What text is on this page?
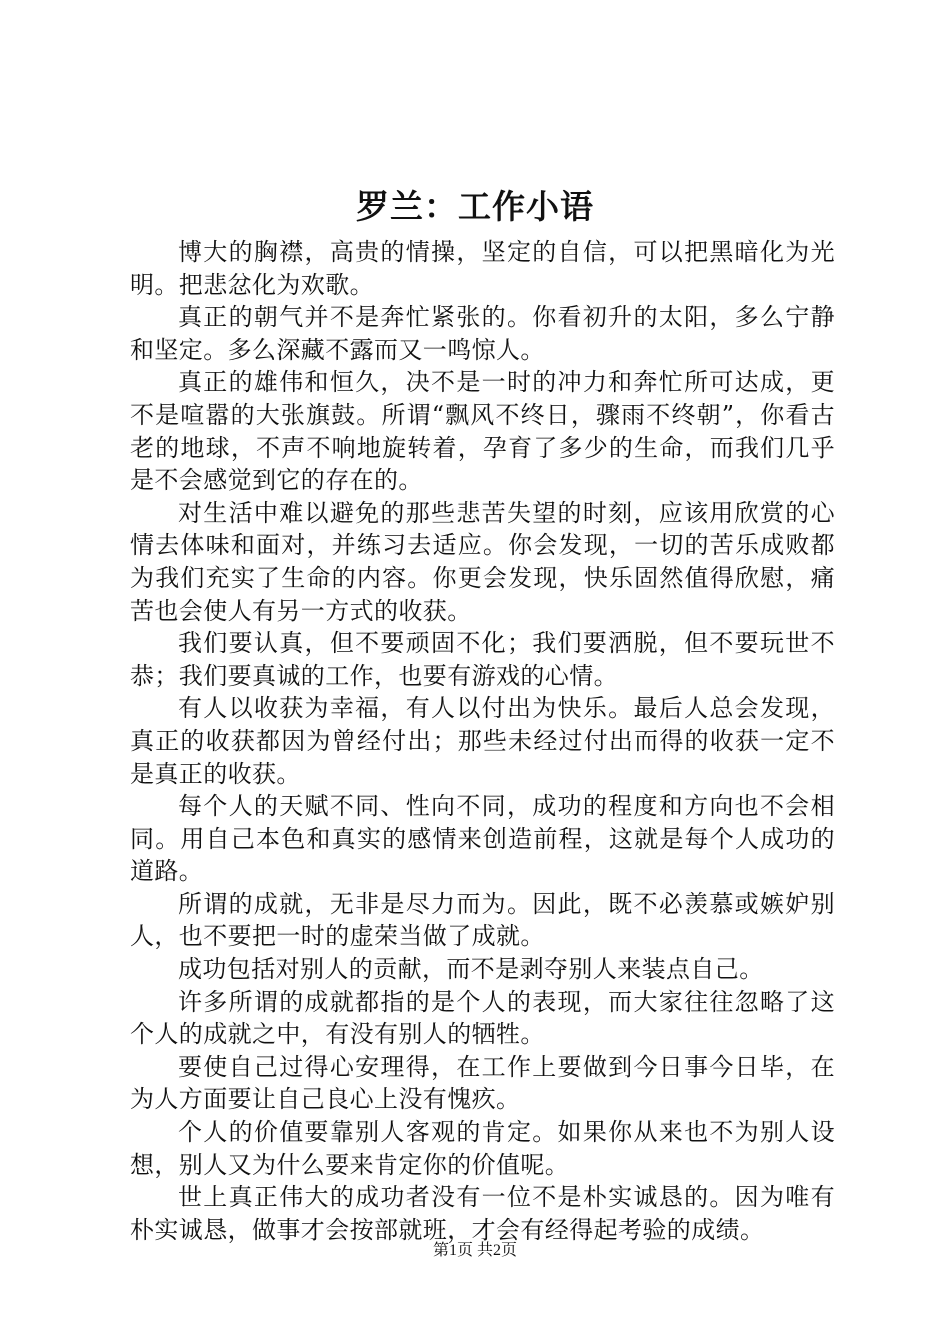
罗兰：工作小语

博大的胸襟，高贵的情操，坚定的自信，可以把黑暗化为光明。把悲忿化为欢歌。

真正的朝气并不是奔忙紧张的。你看初升的太阳，多么宁静和坚定。多么深藏不露而又一鸣惊人。

真正的雄伟和恒久，决不是一时的冲力和奔忙所可达成，更不是喧嚣的大张旗鼓。所谓“飘风不终日，骤雨不终朝”，你看古老的地球，不声不响地旋转着，孕育了多少的生命，而我们几乎是不会感觉到它的存在的。

对生活中难以避免的那些悲苦失望的时刻，应该用欣赏的心情去体味和面对，并练习去适应。你会发现，一切的苦乐成败都为我们充实了生命的内容。你更会发现，快乐固然值得欣慰，痛苦也会使人有另一方式的收获。

我们要认真，但不要顽固不化；我们要洒脱，但不要玩世不恭；我们要真诚的工作，也要有游戏的心情。

有人以收获为幸福，有人以付出为快乐。最后人总会发现，真正的收获都因为曾经付出；那些未经过付出而得的收获一定不是真正的收获。

每个人的天赋不同、性向不同，成功的程度和方向也不会相同。用自己本色和真实的感情来创造前程，这就是每个人成功的道路。

所谓的成就，无非是尽力而为。因此，既不必羡慕或嫉妒别人，也不要把一时的虚荣当做了成就。

成功包括对别人的贡献，而不是剥夺别人来装点自己。

许多所谓的成就都指的是个人的表现，而大家往往忽略了这个人的成就之中，有没有别人的牺牲。

要使自己过得心安理得，在工作上要做到今日事今日毕，在为人方面要让自己良心上没有愧疚。

个人的价值要靠别人客观的肯定。如果你从来也不为别人设想，别人又为什么要来肯定你的价值呢。

世上真正伟大的成功者没有一位不是朴实诚恳的。因为唯有朴实诚恳，做事才会按部就班，才会有经得起考验的成绩。

第1页 共2页
